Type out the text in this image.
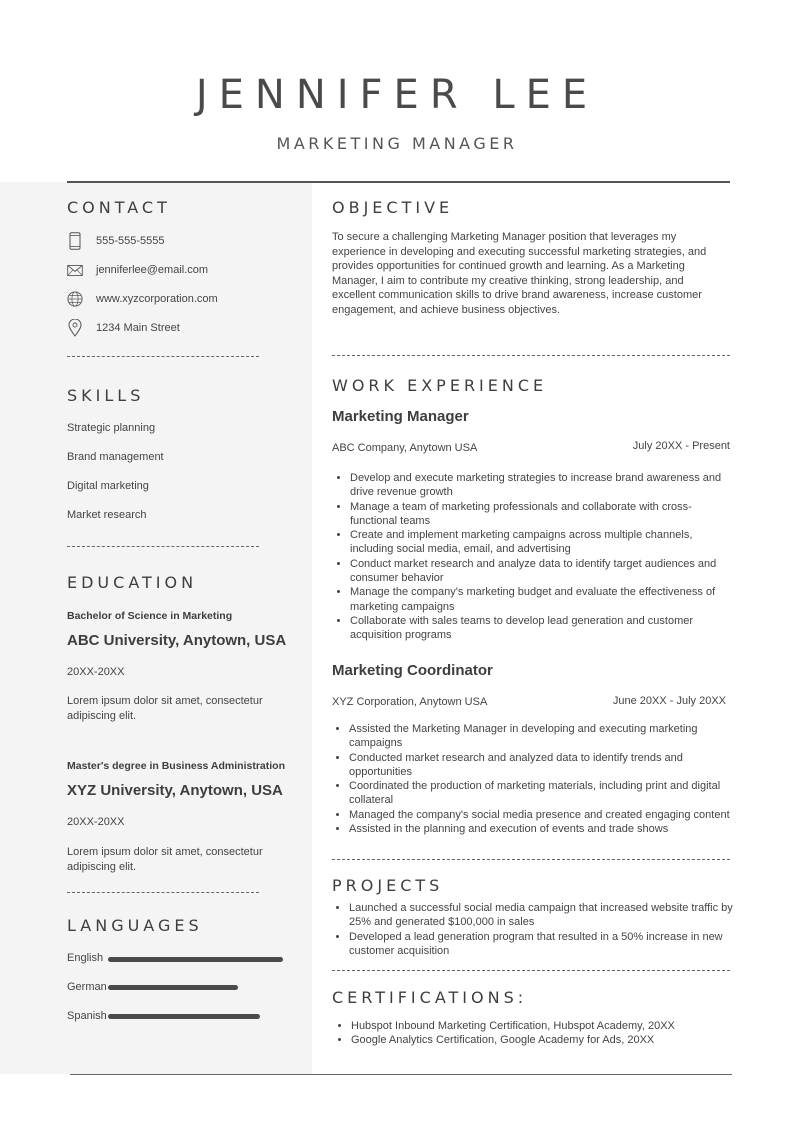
JENNIFER LEE
MARKETING MANAGER
CONTACT
555-555-5555
jenniferlee@email.com
www.xyzcorporation.com
1234 Main Street
SKILLS
Strategic planning
Brand management
Digital marketing
Market research
EDUCATION
Bachelor of Science in Marketing
ABC University, Anytown, USA
20XX-20XX
Lorem ipsum dolor sit amet, consectetur adipiscing elit.
Master's degree in Business Administration
XYZ University, Anytown, USA
20XX-20XX
Lorem ipsum dolor sit amet, consectetur adipiscing elit.
LANGUAGES
English
German
Spanish
OBJECTIVE
To secure a challenging Marketing Manager position that leverages my experience in developing and executing successful marketing strategies, and provides opportunities for continued growth and learning. As a Marketing Manager, I aim to contribute my creative thinking, strong leadership, and excellent communication skills to drive brand awareness, increase customer engagement, and achieve business objectives.
WORK EXPERIENCE
Marketing Manager
ABC Company, Anytown USA	July 20XX - Present
• Develop and execute marketing strategies to increase brand awareness and drive revenue growth
• Manage a team of marketing professionals and collaborate with cross-functional teams
• Create and implement marketing campaigns across multiple channels, including social media, email, and advertising
• Conduct market research and analyze data to identify target audiences and consumer behavior
• Manage the company's marketing budget and evaluate the effectiveness of marketing campaigns
• Collaborate with sales teams to develop lead generation and customer acquisition programs
Marketing Coordinator
XYZ Corporation, Anytown USA	June 20XX - July 20XX
• Assisted the Marketing Manager in developing and executing marketing campaigns
• Conducted market research and analyzed data to identify trends and opportunities
• Coordinated the production of marketing materials, including print and digital collateral
• Managed the company's social media presence and created engaging content
• Assisted in the planning and execution of events and trade shows
PROJECTS
• Launched a successful social media campaign that increased website traffic by 25% and generated $100,000 in sales
• Developed a lead generation program that resulted in a 50% increase in new customer acquisition
CERTIFICATIONS:
• Hubspot Inbound Marketing Certification, Hubspot Academy, 20XX
• Google Analytics Certification, Google Academy for Ads, 20XX
